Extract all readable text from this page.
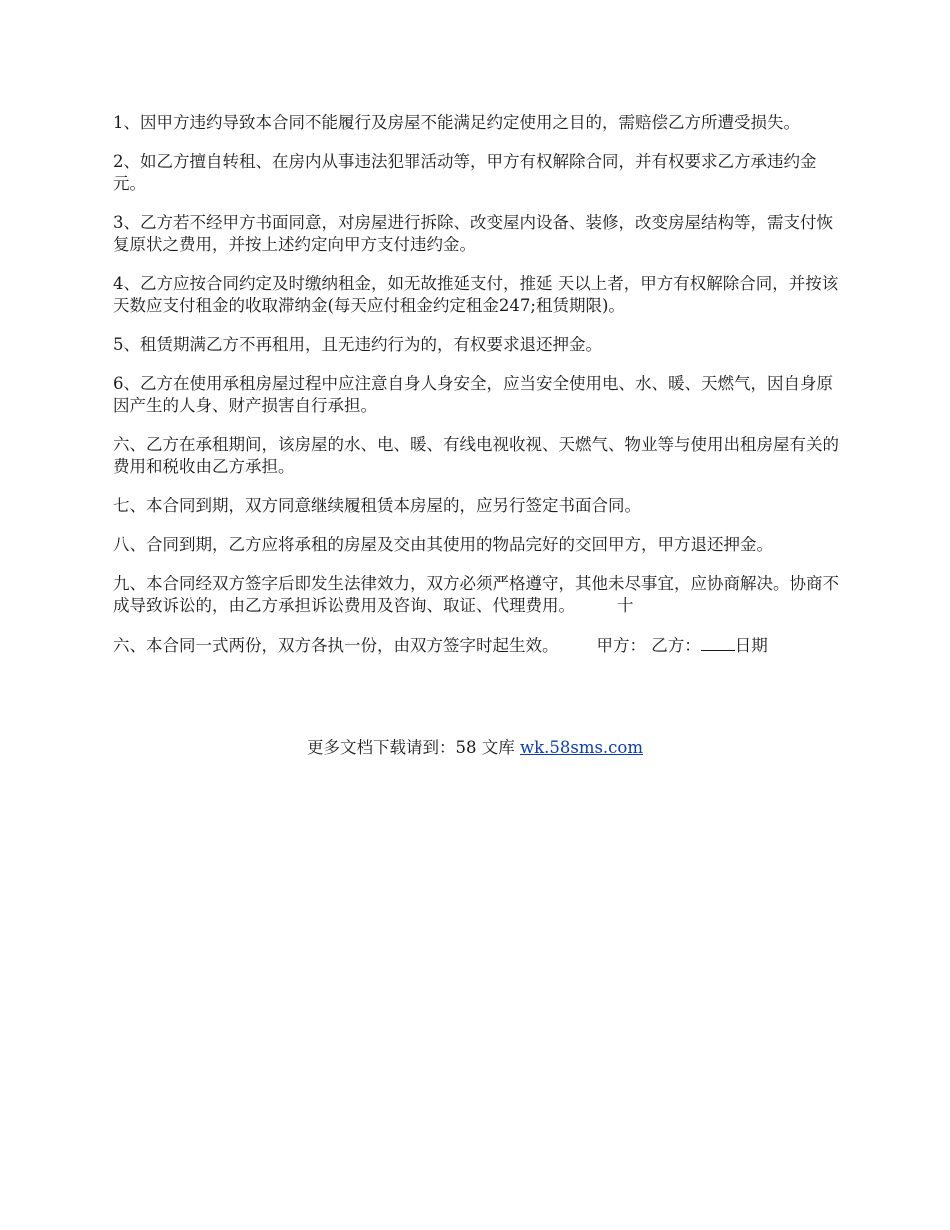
1、因甲方违约导致本合同不能履行及房屋不能满足约定使用之目的，需赔偿乙方所遭受损失。

2、如乙方擅自转租、在房内从事违法犯罪活动等，甲方有权解除合同，并有权要求乙方承违约金 元。

3、乙方若不经甲方书面同意，对房屋进行拆除、改变屋内设备、装修，改变房屋结构等，需支付恢复原状之费用，并按上述约定向甲方支付违约金。

4、乙方应按合同约定及时缴纳租金，如无故推延支付，推延 天以上者，甲方有权解除合同，并按该天数应支付租金的收取滞纳金(每天应付租金约定租金247;租赁期限)。

5、租赁期满乙方不再租用，且无违约行为的，有权要求退还押金。

6、乙方在使用承租房屋过程中应注意自身人身安全，应当安全使用电、水、暖、天燃气，因自身原因产生的人身、财产损害自行承担。

六、乙方在承租期间，该房屋的水、电、暖、有线电视收视、天燃气、物业等与使用出租房屋有关的费用和税收由乙方承担。

七、本合同到期，双方同意继续履租赁本房屋的，应另行签定书面合同。

八、合同到期，乙方应将承租的房屋及交由其使用的物品完好的交回甲方，甲方退还押金。

九、本合同经双方签字后即发生法律效力，双方必须严格遵守，其他未尽事宜，应协商解决。协商不成导致诉讼的，由乙方承担诉讼费用及咨询、取证、代理费用。	十

六、本合同一式两份，双方各执一份，由双方签字时起生效。 甲方： 乙方： 日期

更多文档下载请到：58 文库 wk.58sms.com
